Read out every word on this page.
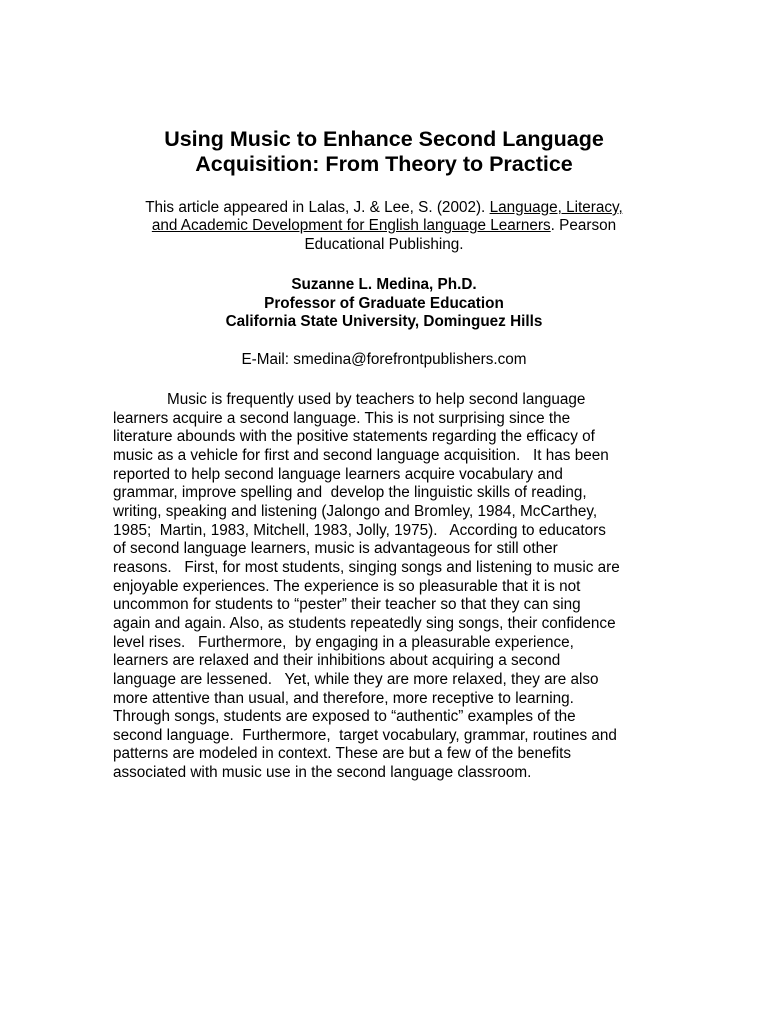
Using Music to Enhance Second Language
Acquisition: From Theory to Practice

This article appeared in Lalas, J. & Lee, S. (2002). Language, Literacy,
and Academic Development for English language Learners. Pearson
Educational Publishing.

Suzanne L. Medina, Ph.D.
Professor of Graduate Education
California State University, Dominguez Hills

E-Mail: smedina@forefrontpublishers.com

Music is frequently used by teachers to help second language
learners acquire a second language. This is not surprising since the
literature abounds with the positive statements regarding the efficacy of
music as a vehicle for first and second language acquisition.   It has been
reported to help second language learners acquire vocabulary and
grammar, improve spelling and  develop the linguistic skills of reading,
writing, speaking and listening (Jalongo and Bromley, 1984, McCarthey,
1985;  Martin, 1983, Mitchell, 1983, Jolly, 1975).   According to educators
of second language learners, music is advantageous for still other
reasons.   First, for most students, singing songs and listening to music are
enjoyable experiences. The experience is so pleasurable that it is not
uncommon for students to “pester” their teacher so that they can sing
again and again. Also, as students repeatedly sing songs, their confidence
level rises.   Furthermore,  by engaging in a pleasurable experience,
learners are relaxed and their inhibitions about acquiring a second
language are lessened.   Yet, while they are more relaxed, they are also
more attentive than usual, and therefore, more receptive to learning.
Through songs, students are exposed to “authentic” examples of the
second language.  Furthermore,  target vocabulary, grammar, routines and
patterns are modeled in context. These are but a few of the benefits
associated with music use in the second language classroom.
